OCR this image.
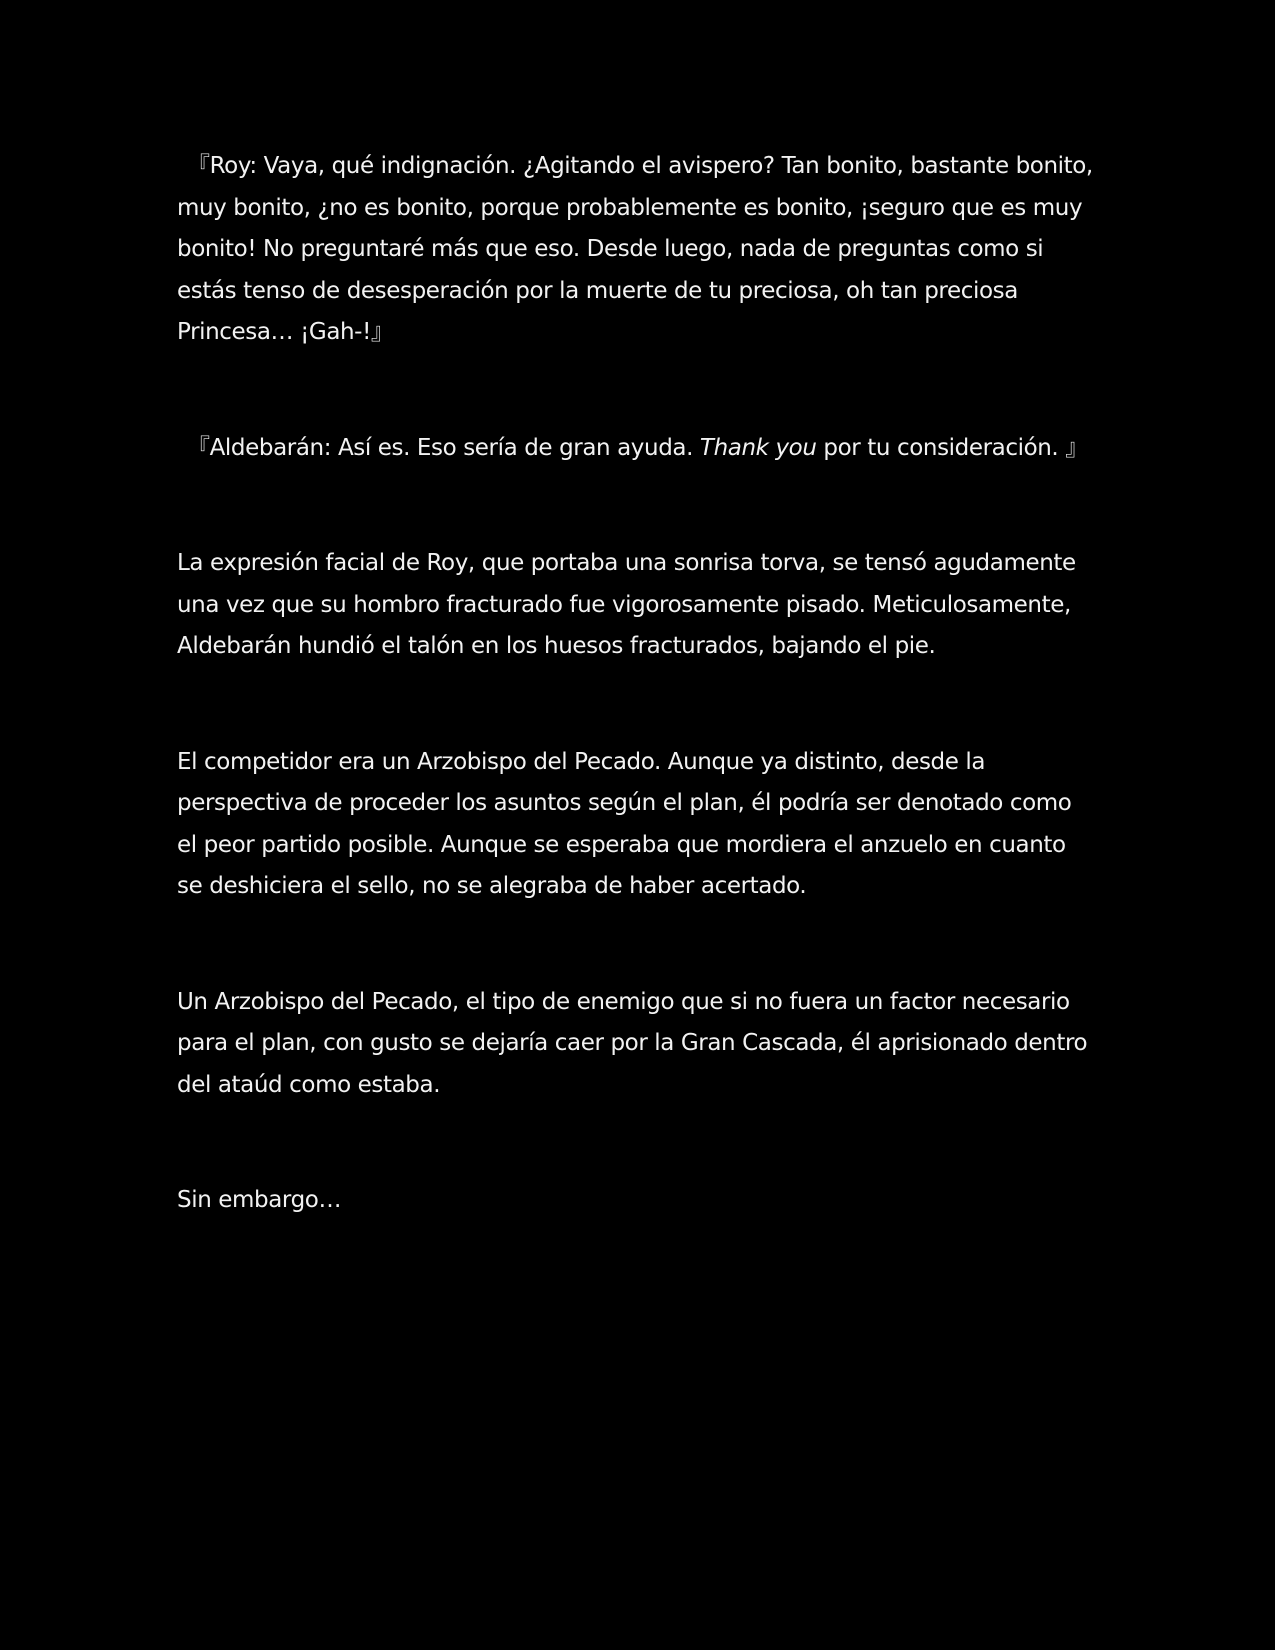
『Roy: Vaya, qué indignación. ¿Agitando el avispero? Tan bonito, bastante bonito, muy bonito, ¿no es bonito, porque probablemente es bonito, ¡seguro que es muy bonito! No preguntaré más que eso. Desde luego, nada de preguntas como si estás tenso de desesperación por la muerte de tu preciosa, oh tan preciosa Princesa… ¡Gah-!』

『Aldebarán: Así es. Eso sería de gran ayuda. Thank you por tu consideración. 』

La expresión facial de Roy, que portaba una sonrisa torva, se tensó agudamente una vez que su hombro fracturado fue vigorosamente pisado. Meticulosamente, Aldebarán hundió el talón en los huesos fracturados, bajando el pie.

El competidor era un Arzobispo del Pecado. Aunque ya distinto, desde la perspectiva de proceder los asuntos según el plan, él podría ser denotado como el peor partido posible. Aunque se esperaba que mordiera el anzuelo en cuanto se deshiciera el sello, no se alegraba de haber acertado.

Un Arzobispo del Pecado, el tipo de enemigo que si no fuera un factor necesario para el plan, con gusto se dejaría caer por la Gran Cascada, él aprisionado dentro del ataúd como estaba.

Sin embargo…
